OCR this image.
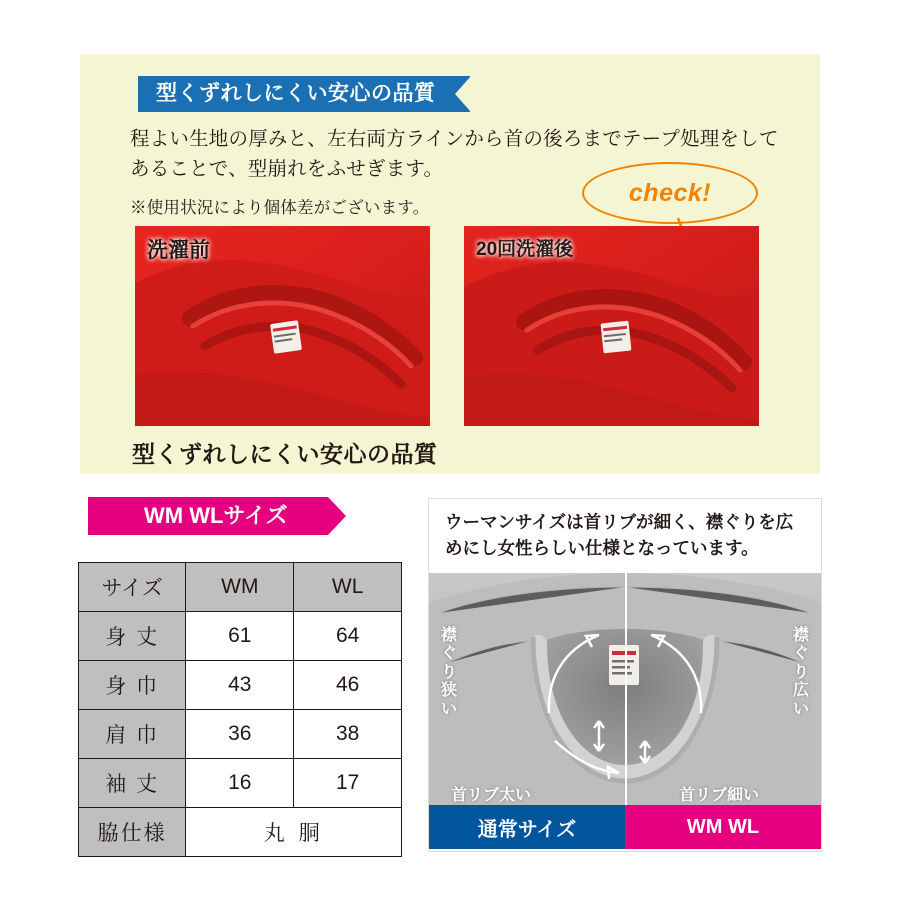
型くずれしにくい安心の品質
程よい生地の厚みと、左右両方ラインから首の後ろまでテープ処理をしてあることで、型崩れをふせぎます。
※使用状況により個体差がございます。
check!
洗濯前	20回洗濯後
型くずれしにくい安心の品質
WM WLサイズ
サイズ	WM	WL
身 丈	61	64
身 巾	43	46
肩 巾	36	38
袖 丈	16	17
脇仕様	丸 胴	
ウーマンサイズは首リブが細く、襟ぐりを広めにし女性らしい仕様となっています。
襟ぐり狭い
襟ぐり広い
首リブ太い	首リブ細い
通常サイズ	WM WL
